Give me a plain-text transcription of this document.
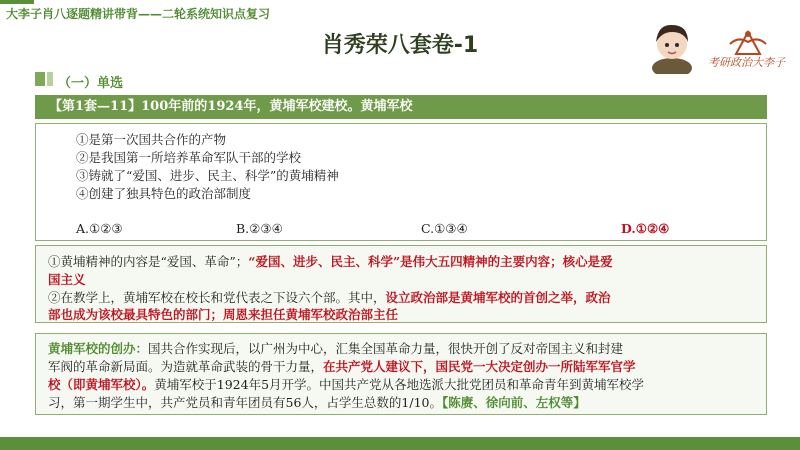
大李子肖八逐题精讲带背——二轮系统知识点复习
肖秀荣八套卷-1
考研政治大李子
（一）单选
【第1套—11】100年前的1924年，黄埔军校建校。黄埔军校
①是第一次国共合作的产物
②是我国第一所培养革命军队干部的学校
③铸就了“爱国、进步、民主、科学”的黄埔精神
④创建了独具特色的政治部制度
A.①②③	B.②③④	C.①③④	D.①②④
①黄埔精神的内容是“爱国、革命”；“爱国、进步、民主、科学”是伟大五四精神的主要内容；核心是爱
国主义
②在教学上，黄埔军校在校长和党代表之下设六个部。其中，设立政治部是黄埔军校的首创之举，政治
部也成为该校最具特色的部门；周恩来担任黄埔军校政治部主任
黄埔军校的创办：国共合作实现后，以广州为中心，汇集全国革命力量，很快开创了反对帝国主义和封建
军阀的革命新局面。为造就革命武装的骨干力量，在共产党人建议下，国民党一大决定创办一所陆军军官学
校（即黄埔军校）。黄埔军校于1924年5月开学。中国共产党从各地选派大批党团员和革命青年到黄埔军校学
习，第一期学生中，共产党员和青年团员有56人，占学生总数的1/10。【陈赓、徐向前、左权等】
